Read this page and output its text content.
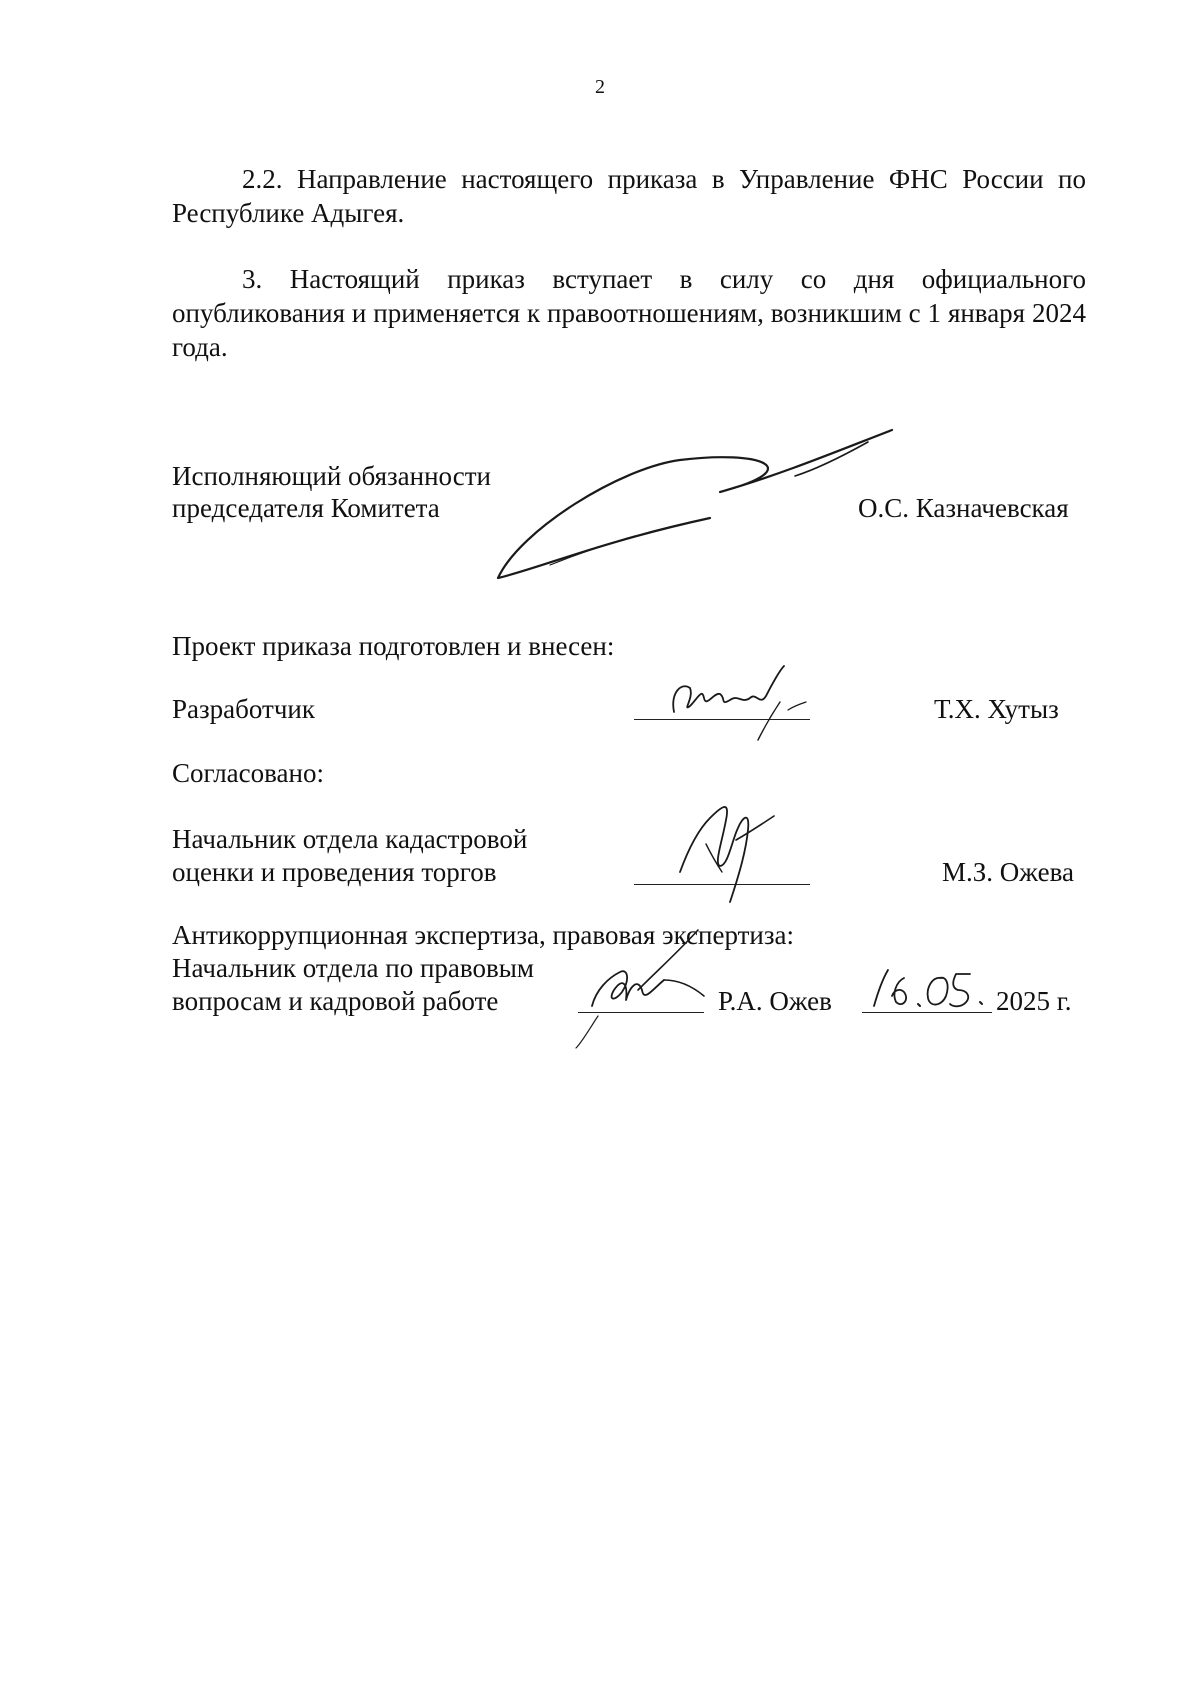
2
2.2. Направление настоящего приказа в Управление ФНС России по Республике Адыгея.
3. Настоящий приказ вступает в силу со дня официального опубликования и применяется к правоотношениям, возникшим с 1 января 2024 года.
Исполняющий обязанности
председателя Комитета	О.С. Казначевская
Проект приказа подготовлен и внесен:
Разработчик	Т.Х. Хутыз
Согласовано:
Начальник отдела кадастровой
оценки и проведения торгов	М.З. Ожева
Антикоррупционная экспертиза, правовая экспертиза:
Начальник отдела по правовым
вопросам и кадровой работе	Р.А. Ожев	2025 г.
